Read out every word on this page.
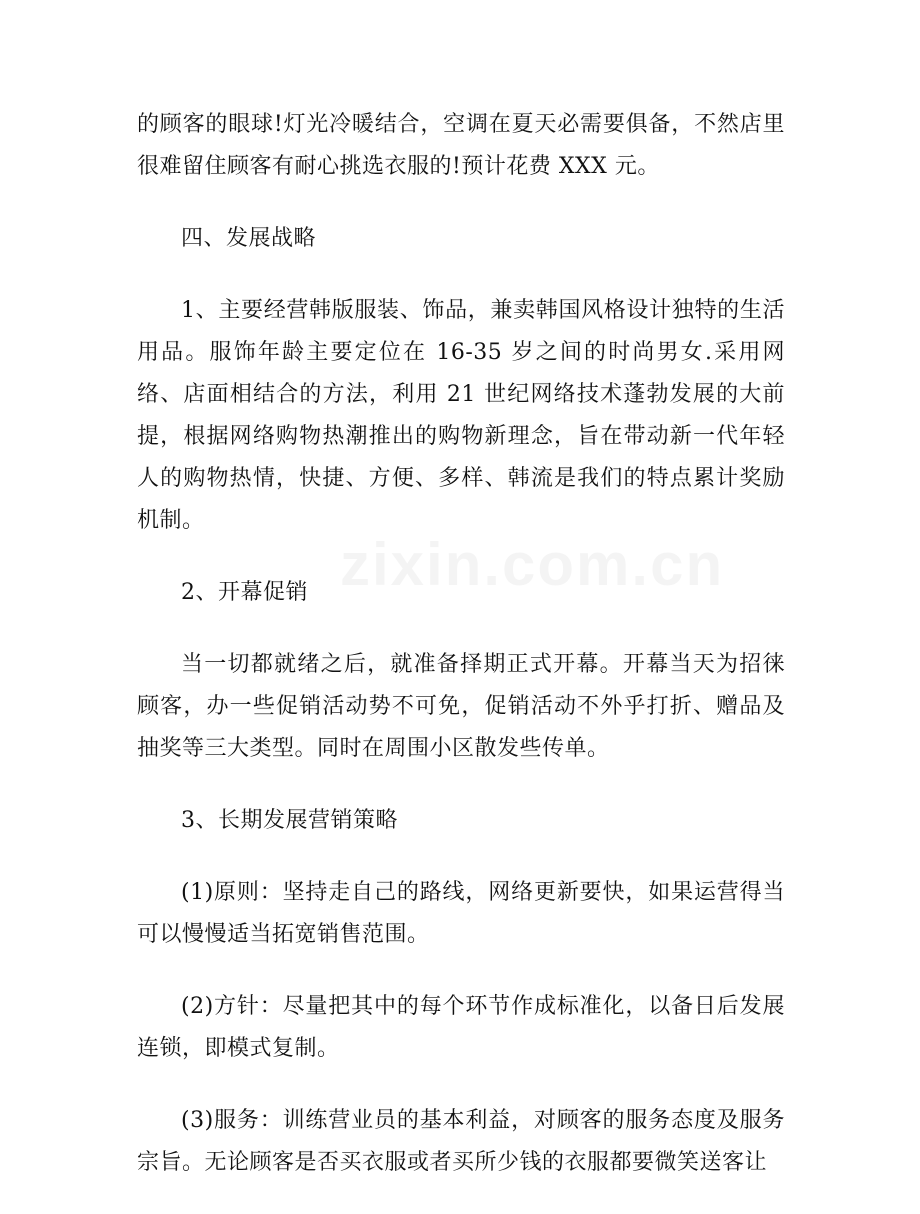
的顾客的眼球!灯光冷暖结合，空调在夏天必需要俱备，不然店里很难留住顾客有耐心挑选衣服的!预计花费 XXX 元。

四、发展战略

1、主要经营韩版服装、饰品，兼卖韩国风格设计独特的生活用品。服饰年龄主要定位在 16-35 岁之间的时尚男女.采用网络、店面相结合的方法，利用 21 世纪网络技术蓬勃发展的大前提，根据网络购物热潮推出的购物新理念，旨在带动新一代年轻人的购物热情，快捷、方便、多样、韩流是我们的特点累计奖励机制。

2、开幕促销

当一切都就绪之后，就准备择期正式开幕。开幕当天为招徕顾客，办一些促销活动势不可免，促销活动不外乎打折、赠品及抽奖等三大类型。同时在周围小区散发些传单。

3、长期发展营销策略

(1)原则：坚持走自己的路线，网络更新要快，如果运营得当可以慢慢适当拓宽销售范围。

(2)方针：尽量把其中的每个环节作成标准化，以备日后发展连锁，即模式复制。

(3)服务：训练营业员的基本利益，对顾客的服务态度及服务宗旨。无论顾客是否买衣服或者买所少钱的衣服都要微笑送客让
